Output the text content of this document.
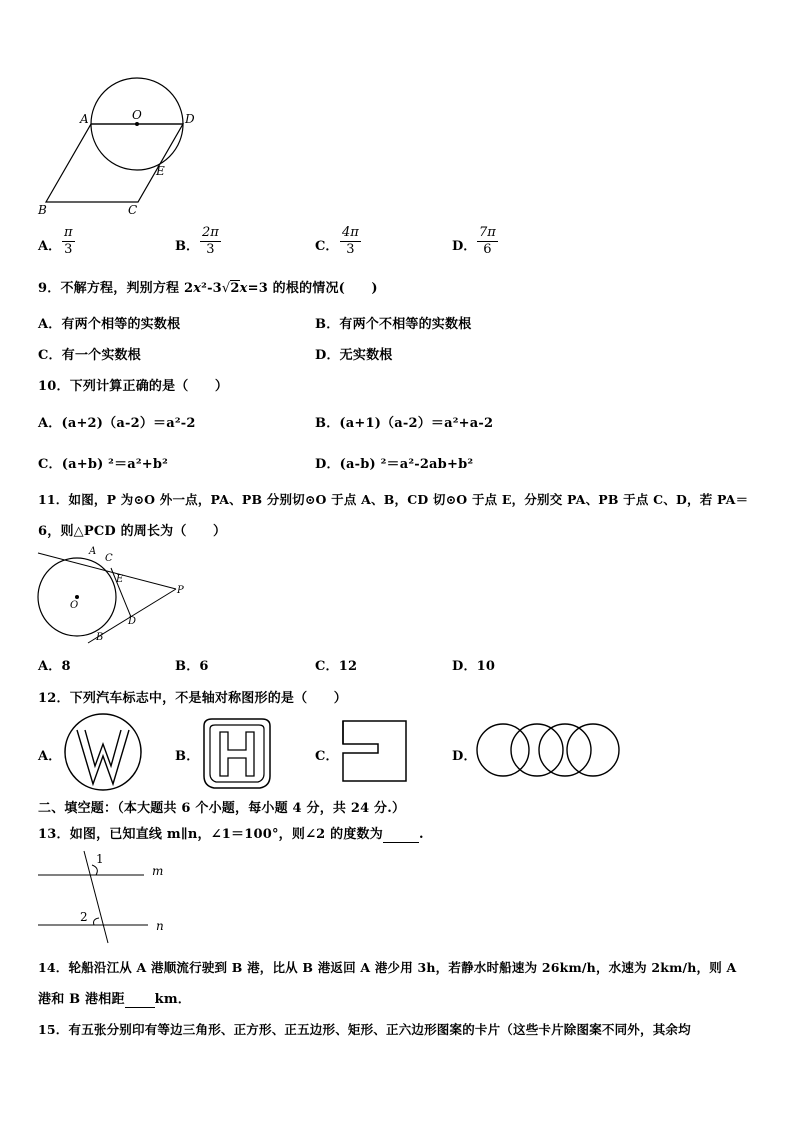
O
A	D
E
B	C
A． $\frac{\pi}{3}$	B． $\frac{2\pi}{3}$	C． $\frac{4\pi}{3}$	D． $\frac{7\pi}{6}$
9．不解方程，判别方程 2x²-3√2x=3 的根的情况(　　)
A．有两个相等的实数根	B．有两个不相等的实数根
C．有一个实数根	D．无实数根
10．下列计算正确的是（　　）
A．(a+2)（a-2）＝a²-2	B．(a+1)（a-2）＝a²+a-2
C．(a+b) ²＝a²+b²	D．(a-b) ²＝a²-2ab+b²
11．如图，P 为⊙O 外一点，PA、PB 分别切⊙O 于点 A、B，CD 切⊙O 于点 E，分别交 PA、PB 于点 C、D，若 PA＝
6，则△PCD 的周长为（　　）
A
C
E
O
P
D
B
A．8	B．6	C．12	D．10
12．下列汽车标志中，不是轴对称图形的是（　　）
A．	B．	C．	D．
二、填空题：（本大题共 6 个小题，每小题 4 分，共 24 分.）
13．如图，已知直线 m∥n，∠1＝100°，则∠2 的度数为	.
1
2
m
n
14．轮船沿江从 A 港顺流行驶到 B 港，比从 B 港返回 A 港少用 3h，若静水时船速为 26km/h，水速为 2km/h，则 A
港和 B 港相距 km．
15．有五张分别印有等边三角形、正方形、正五边形、矩形、正六边形图案的卡片（这些卡片除图案不同外，其余均
